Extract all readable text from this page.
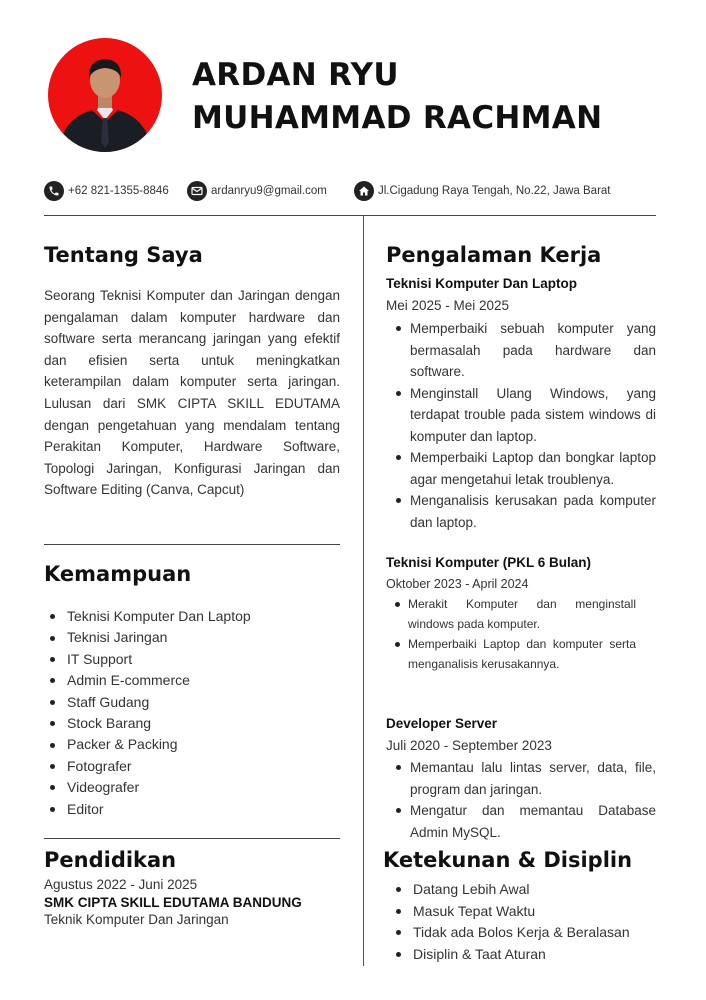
ARDAN RYU
MUHAMMAD RACHMAN
+62 821-1355-8846	ardanryu9@gmail.com	Jl.Cigadung Raya Tengah, No.22, Jawa Barat
Tentang Saya
Seorang Teknisi Komputer dan Jaringan dengan pengalaman dalam komputer hardware dan software serta merancang jaringan yang efektif dan efisien serta untuk meningkatkan keterampilan dalam komputer serta jaringan. Lulusan dari SMK CIPTA SKILL EDUTAMA dengan pengetahuan yang mendalam tentang Perakitan Komputer, Hardware Software, Topologi Jaringan, Konfigurasi Jaringan dan Software Editing (Canva, Capcut)
Kemampuan
Teknisi Komputer Dan Laptop
Teknisi Jaringan
IT Support
Admin E-commerce
Staff Gudang
Stock Barang
Packer & Packing
Fotografer
Videografer
Editor
Pendidikan
Agustus 2022 - Juni 2025
SMK CIPTA SKILL EDUTAMA BANDUNG
Teknik Komputer Dan Jaringan
Pengalaman Kerja
Teknisi Komputer Dan Laptop
Mei 2025 - Mei 2025
Memperbaiki sebuah komputer yang bermasalah pada hardware dan software.
Menginstall Ulang Windows, yang terdapat trouble pada sistem windows di komputer dan laptop.
Memperbaiki Laptop dan bongkar laptop agar mengetahui letak troublenya.
Menganalisis kerusakan pada komputer dan laptop.
Teknisi Komputer (PKL 6 Bulan)
Oktober 2023 - April 2024
Merakit Komputer dan menginstall windows pada komputer.
Memperbaiki Laptop dan komputer serta menganalisis kerusakannya.
Developer Server
Juli 2020 - September 2023
Memantau lalu lintas server, data, file, program dan jaringan.
Mengatur dan memantau Database Admin MySQL.
Ketekunan & Disiplin
Datang Lebih Awal
Masuk Tepat Waktu
Tidak ada Bolos Kerja & Beralasan
Disiplin & Taat Aturan
